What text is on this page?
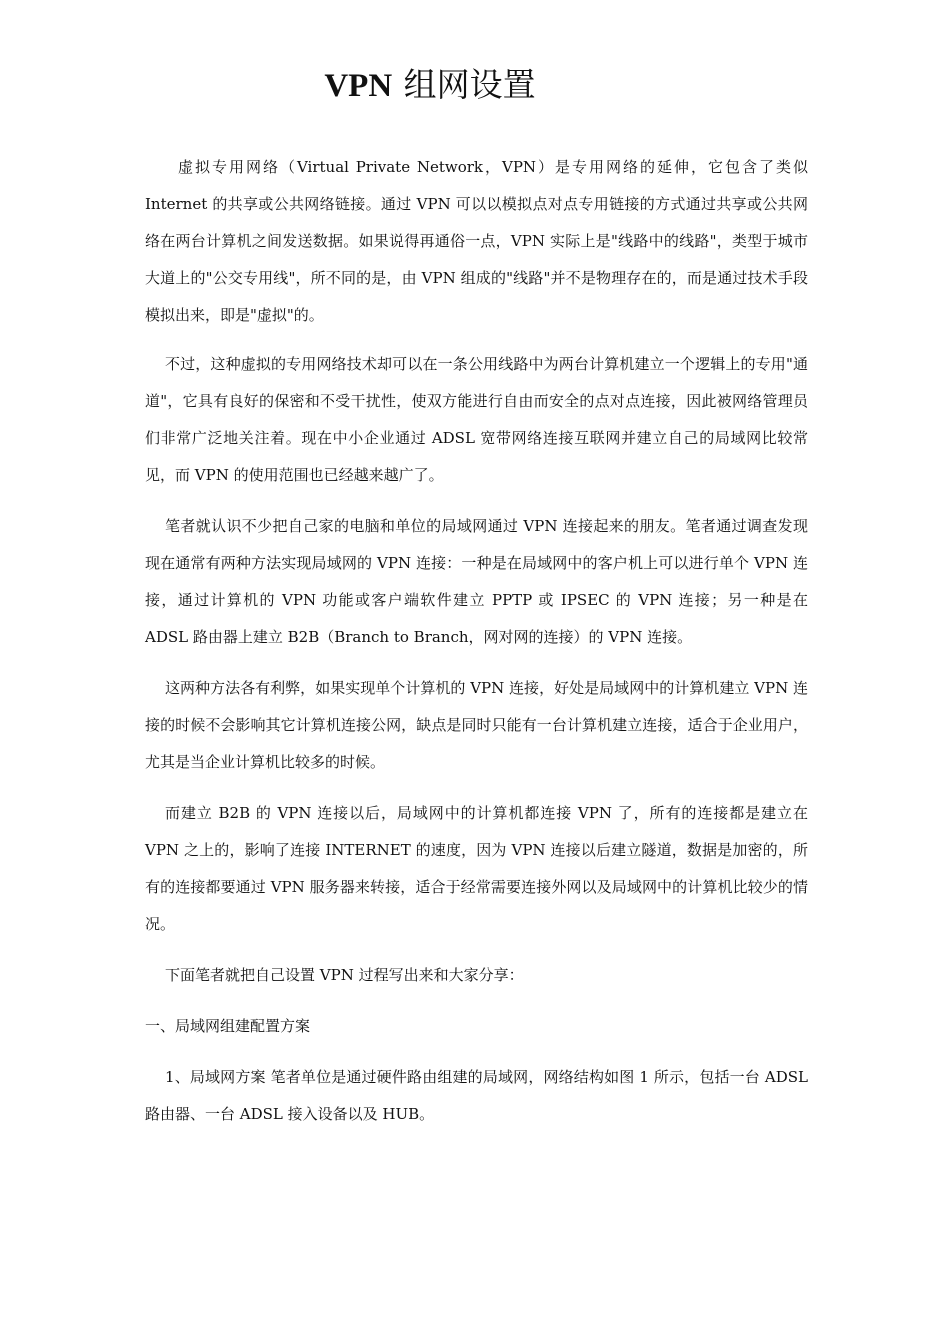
VPN 组网设置

虚拟专用网络（Virtual Private Network，VPN）是专用网络的延伸，它包含了类似 Internet 的共享或公共网络链接。通过 VPN 可以以模拟点对点专用链接的方式通过共享或公共网络在两台计算机之间发送数据。如果说得再通俗一点，VPN 实际上是"线路中的线路"，类型于城市大道上的"公交专用线"，所不同的是，由 VPN 组成的"线路"并不是物理存在的，而是通过技术手段模拟出来，即是"虚拟"的。

不过，这种虚拟的专用网络技术却可以在一条公用线路中为两台计算机建立一个逻辑上的专用"通道"，它具有良好的保密和不受干扰性，使双方能进行自由而安全的点对点连接，因此被网络管理员们非常广泛地关注着。现在中小企业通过 ADSL 宽带网络连接互联网并建立自己的局域网比较常见，而 VPN 的使用范围也已经越来越广了。

笔者就认识不少把自己家的电脑和单位的局域网通过 VPN 连接起来的朋友。笔者通过调查发现现在通常有两种方法实现局域网的 VPN 连接：一种是在局域网中的客户机上可以进行单个 VPN 连接，通过计算机的 VPN 功能或客户端软件建立 PPTP 或 IPSEC 的 VPN 连接；另一种是在 ADSL 路由器上建立 B2B（Branch to Branch，网对网的连接）的 VPN 连接。

这两种方法各有利弊，如果实现单个计算机的 VPN 连接，好处是局域网中的计算机建立 VPN 连接的时候不会影响其它计算机连接公网，缺点是同时只能有一台计算机建立连接，适合于企业用户，尤其是当企业计算机比较多的时候。

而建立 B2B 的 VPN 连接以后，局域网中的计算机都连接 VPN 了，所有的连接都是建立在 VPN 之上的，影响了连接 INTERNET 的速度，因为 VPN 连接以后建立隧道，数据是加密的，所有的连接都要通过 VPN 服务器来转接，适合于经常需要连接外网以及局域网中的计算机比较少的情况。

下面笔者就把自己设置 VPN 过程写出来和大家分享：

一、局域网组建配置方案

1、局域网方案 笔者单位是通过硬件路由组建的局域网，网络结构如图 1 所示，包括一台 ADSL 路由器、一台 ADSL 接入设备以及 HUB。
